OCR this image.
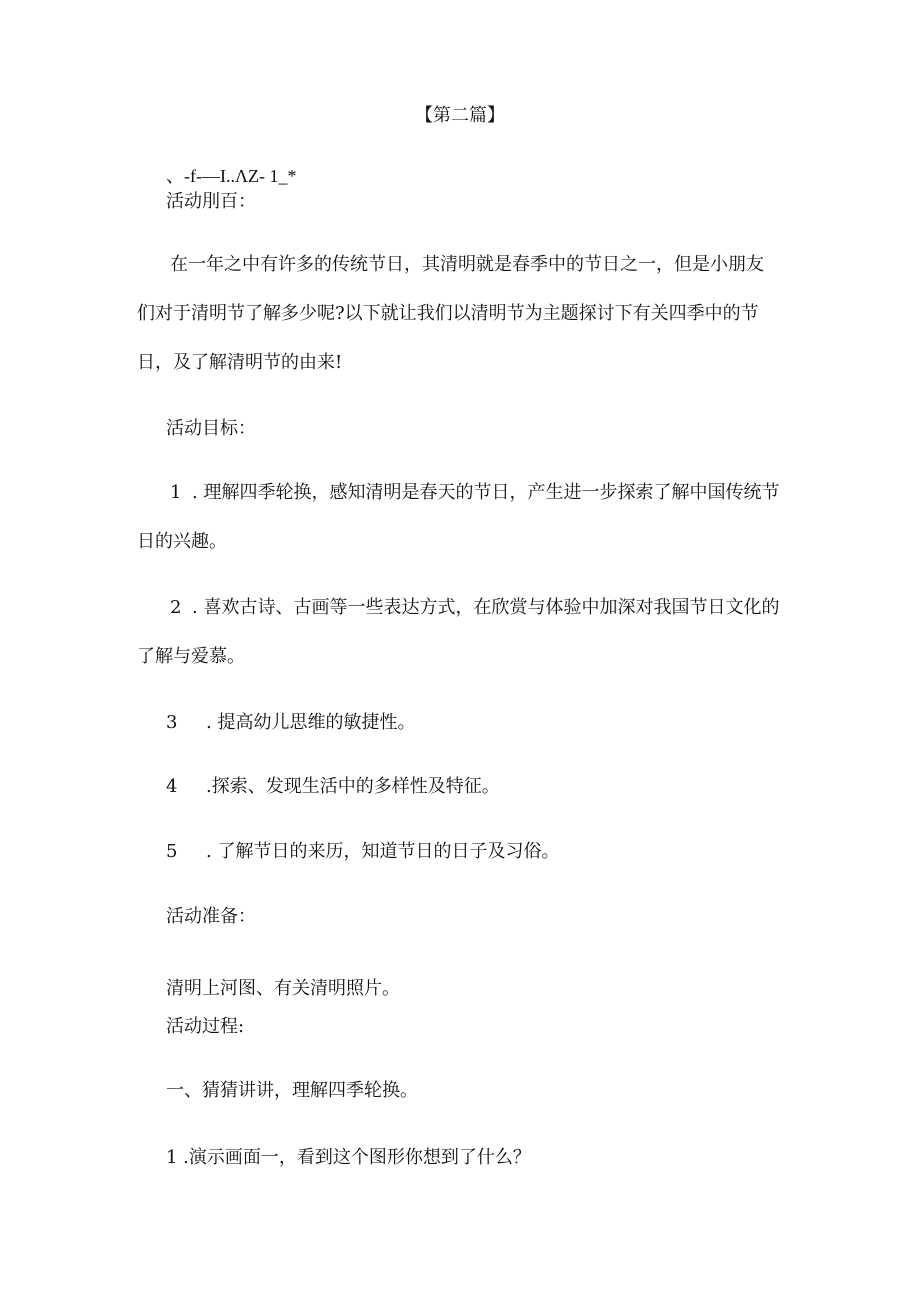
【第二篇】
、-f-—I..ΛZ- 1_*
活动刖百：
在一年之中有许多的传统节日，其清明就是春季中的节日之一，但是小朋友
们对于清明节了解多少呢?以下就让我们以清明节为主题探讨下有关四季中的节
日，及了解清明节的由来!
活动目标：
1 . 理解四季轮换，感知清明是春天的节日，产生进一步探索了解中国传统节
日的兴趣。
2 . 喜欢古诗、古画等一些表达方式，在欣赏与体验中加深对我国节日文化的
了解与爱慕。
3 . 提高幼儿思维的敏捷性。
4 .探索、发现生活中的多样性及特征。
5 . 了解节日的来历，知道节日的日子及习俗。
活动准备：
清明上河图、有关清明照片。
活动过程:
一、猜猜讲讲，理解四季轮换。
1 .演示画面一，看到这个图形你想到了什么？
